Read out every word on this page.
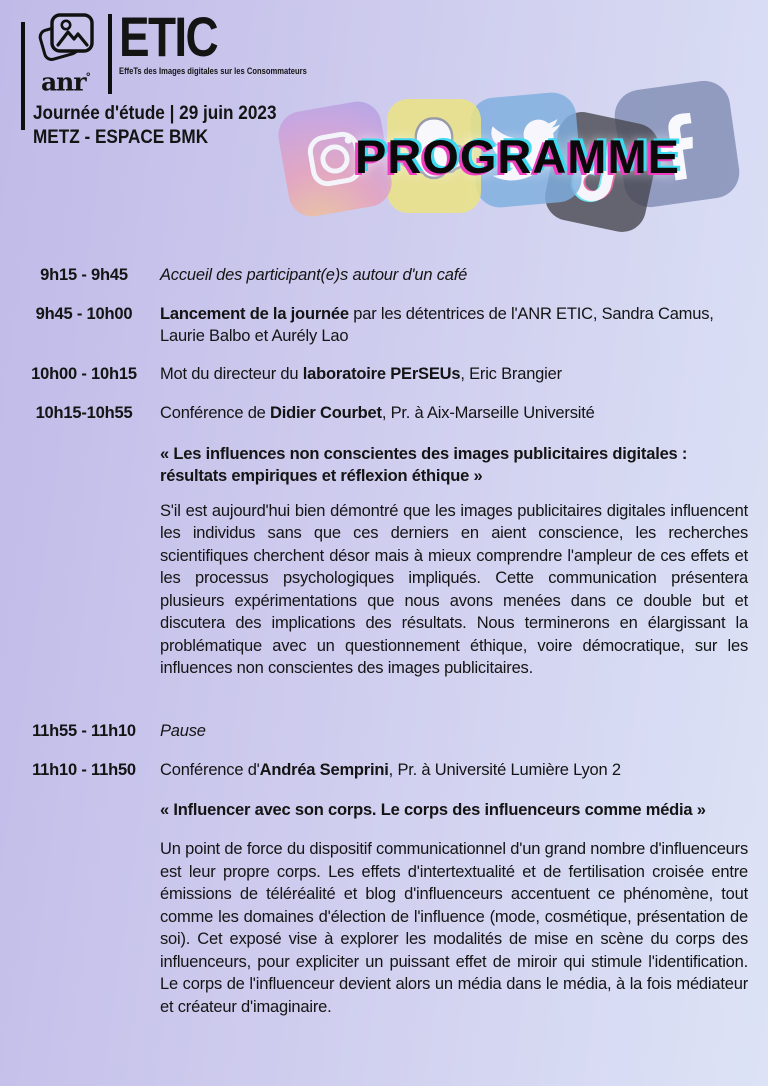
anr°
ETIC
EffeTs des Images digitales sur les Consommateurs
Journée d'étude | 29 juin 2023
METZ - ESPACE BMK	PROGRAMME
9h15 - 9h45	Accueil des participant(e)s autour d'un café
9h45 - 10h00	Lancement de la journée par les détentrices de l'ANR ETIC, Sandra Camus, Laurie Balbo et Aurély Lao
10h00 - 10h15	Mot du directeur du laboratoire PErSEUs, Eric Brangier
10h15-10h55	Conférence de Didier Courbet, Pr. à Aix-Marseille Université
« Les influences non conscientes des images publicitaires digitales : résultats empiriques et réflexion éthique »

S'il est aujourd'hui bien démontré que les images publicitaires digitales influencent les individus sans que ces derniers en aient conscience, les recherches scientifiques cherchent désor mais à mieux comprendre l'ampleur de ces effets et les processus psychologiques impliqués. Cette communication présentera plusieurs expérimentations que nous avons menées dans ce double but et discutera des implications des résultats. Nous terminerons en élargissant la problématique avec un questionnement éthique, voire démocratique, sur les influences non conscientes des images publicitaires.

11h55 - 11h10	Pause
11h10 - 11h50	Conférence d'Andréa Semprini, Pr. à Université Lumière Lyon 2
« Influencer avec son corps. Le corps des influenceurs comme média »

Un point de force du dispositif communicationnel d'un grand nombre d'influenceurs est leur propre corps. Les effets d'intertextualité et de fertilisation croisée entre émissions de téléréalité et blog d'influenceurs accentuent ce phénomène, tout comme les domaines d'élection de l'influence (mode, cosmétique, présentation de soi). Cet exposé vise à explorer les modalités de mise en scène du corps des influenceurs, pour expliciter un puissant effet de miroir qui stimule l'identification. Le corps de l'influenceur devient alors un média dans le média, à la fois médiateur et créateur d'imaginaire.
